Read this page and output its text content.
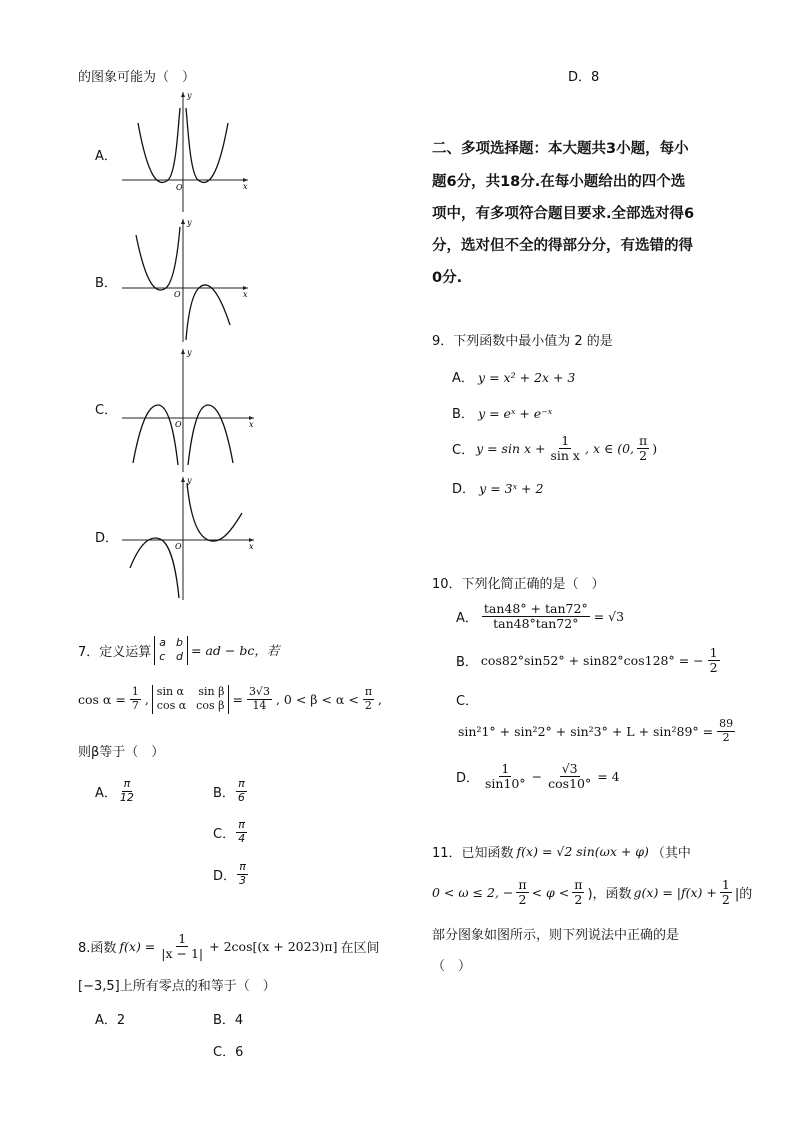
的图象可能为（　）
A．
O	x
y
B．
O	x
y
C．
O	x
y
D．
O	x
y
7．定义运算
a b
c d = ad − bc，若
$\cos \alpha = \frac{1}{7}$ ,
sin α sin β
cos α $\cos \beta = \frac{3√3}{14}$ , $0 < \beta < \alpha < \frac{\pi}{2}$ ,
则β等于（　）
A． $\frac{\pi}{12}$	B． $\frac{\pi}{6}$
C． $\frac{\pi}{4}$
D． $\frac{\pi}{3}$
8.函数 $f(x) = \frac{1}{|x - 1|} + 2\cos[(x + 2023)\pi]$ 在区间
[−3,5]上所有零点的和等于（　）
A．2	B．4
C．6
D．8
二、多项选择题：本大题共3小题，每小
题6分，共18分.在每小题给出的四个选
项中，有多项符合题目要求.全部选对得6
分，选对但不全的得部分分，有选错的得
0分.
9．下列函数中最小值为 2 的是
A． y = x² + 2x + 3
B． y = eˣ + e⁻ˣ
C． $y = \sin x + \frac{1}{\text{sin x}}$ , x ∈ (0, $\frac{\pi}{2}$ )
D． y = 3ˣ + 2
10．下列化简正确的是（　）
A． $\frac{\tan 48^\circ + \tan 72^\circ}{\tan 48^\circ\tan 72^\circ} = √3$
B． cos82°sin52° + sin82°cos128° = − $\frac{1}{2}$
C．
$\sin^21^\circ + \sin^22^\circ + \sin^23^\circ + L + \sin^289^\circ = \frac{89}{2}$
D． $\frac{1}{\sin 10^\circ} - \frac{√3}{\cos 10^\circ} = 4$
11．已知函数 f(x) = √2 sin(ωx + φ) （其中
0 < ω ≤ 2, − $\frac{\pi}{2} < \varphi < \frac{\pi}{2}$ )，函数 $g(x) = |f(x) + \frac{1}{2}$ |的
部分图象如图所示，则下列说法中正确的是
（　）
